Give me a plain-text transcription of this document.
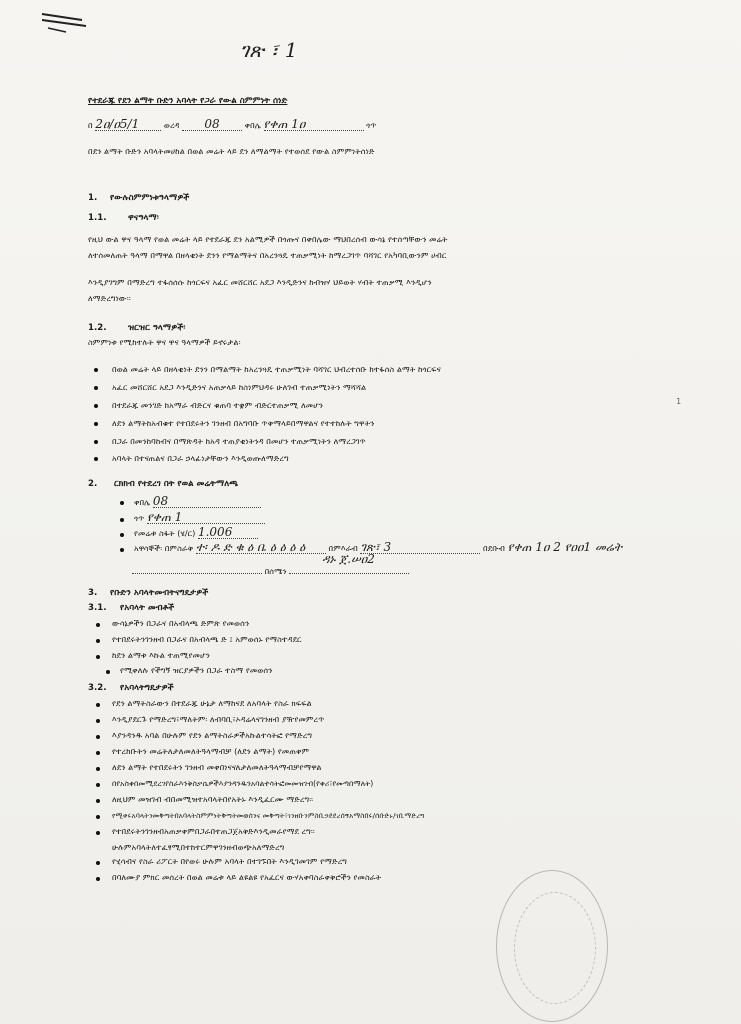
ገጽ ፣ 1
የተደራጁ የደን ልማት ቡድን አባላት የጋራ የውል ስምምነት ሰነድ
በ 2ዐ/ዐ5/1	ወረዳ 08	ቀበሌ የቀጠ 1ዐ	ጎጥ
በደን ልማት ቡድን አባላትመሀከል በወል መሬት ላይ ደን ለማልማት የተወሰደ የውል ስምምነትሰነድ
1. የውሉስምምነቱዓላማዎች
1.1.	ዋናዓላማ፡
የዚህ ውል ዋና ዓላማ የወል መሬት ላይ የተደራጁ ደን አልሚዎች በጎጡና በቀበሌው ማህበረሰብ ውሳኔ የተሰጣቸውን መሬት
ለተሰመለጠት ዓላማ በማዋል በዘላቂነት ደንን የማልማትና በአረንጓዴ ተጠቃሚነት ከማረጋገጥ ባሻገር የአካባቢውንም ሀብር
እንዲያገግም በማድረግ ተፋሰሰሱ ከጎርፍና አፈር መሸርሸር አደጋ እንዲድንና ከብዝሃ ህይወት ሃብት ተጠቃሚ እንዲሆን
ለማድረግነው፡፡
1.2.	ዝርዝር ዓላማዎች፡
ስምምነቱ የሚከተሉት ዋና ዋና ዓላማዎች ይኖሩታል፡
በወል መሬት ላይ በዘላቂነት ደንን በማልማት ከአረንጓዴ ተጠቃሚነት ባሻገር ህብረተሰቡ ከተፋሰስ ልማት ከጎርፍና
አፈር መሸርሸር አደጋ እንዲድንና አጠቃላይ ከስነምህዳሩ ሁለገብ ተጠቃሚነትን ማሻሻል
በተደራጁ መንገድ ከአማራ ብድርና ቁጠባ ተቋም ብድርተጠቃሚ ለመሆን
ለደን ልማትከአብቁተ የተበደሩትን ገንዘብ በአግባቡ ጥቅማላይበማዋልና የተተከሉት ግዋትን
በጋራ በመንከባከብና በማጽዳት ከአዳ ተጠያቂነትንዳ በመሆን ተጠቃሚነትን ለማረጋገጥ
አባላት በተናጠልና በጋራ ኃላፊነታቸውን እንዲወጡለማድረግ
2. ርክክብ የተደረገ በት የወል መሬትማለጫ
ቀበሌ 08
ጎጥ የቀጠ 1
የመሬቱ ስፋት (ሄ/ር) 1.006
አዋሳኞች፡ በምስራቅ ተ፡ ዶ ድ ቁ ዕ ቤ ዕ ዕ ዕ ዕ	በምእራብ ገጽ፣ 3	በደቡብ የቀጠ 1ዐ 2 የዐዐ1 መሬት
በሰሜን
ዳኑ ጀ.ሠዐ2
3. የቡድን አባላትመብትናግዴታዎች
3.1. የአባላት መብቶች
ውሳኔዎችን በጋራና በአብላጫ ድምጽ የመወሰን
የተበደሩትንገንዘብ በጋራና በአብላጫ ድ ፤ አምወሰኑ የማስተዳደር
ከደን ልማቱ እኩል ተጠሚየመሆን
የሚቀለሉ የችግኝ ዝርያዎችን በጋራ ተስማ የመወሰን
3.2. የአባላትግዴታዎች
የደን ልማትስራውን በተደራጁ ሁኔታ ለማከናደ ለአባላት የስራ ክፍፍል
እንዲያደርጉ የማድረግ፣ማለትም፡ ለብባቢ፣ኦዳሬላናገንዘብ ያዥየመምረጥ
እያንዳንዱ አባል በሁሉም የደን ልማትስራዎችአኩልተሳትፎ የማድረግ
የተረከቡትን መሬትለታለመለትዓላማብቻ (ለደን ልማት) የመጠቀም
ለደን ልማት የተበደሩትን ገንዘብ መቀበነናናለታለመለትዓላማብቻየማዋል
በየአስቀበመሚደረገየስራእንቅስቃሴዎችእያንዳንዱንአባልተሳትፎመመዝገብ(የቀሪ፣የመጣበማለት)
ለዚህም መዝገብ ብበመሚዝተአባላትበየአትኑ እንዲፈርሙ ማድረግ፡፡
የሚቀሩአባላትንመቅጣትበአባላትስምምነትቅጣትመወሰንና መቅጣት፣ገንዘቡንምስቢኃደደረሰኝአማስበሩ/ሰቡድኑ/ገቢማድረግ
የተበደሩትንገንዘብአጠቃቀምበጋራበተጠጋጀአቅድእንዲመራየማደ ረግ፡፡
ሁሉምአባላትለተፈፃሚበተከተርምዋገንዘብወጭአለማድረግ
የሂሳብና የስራ ሪፖርት በየወሩ ሁሉም አባላት በተገኙበት እንዲገመገም የማድረግ
በባለሙያ ምክር መሰረት በወል መሬቱ ላይ ልዩልዩ የአፈርና ውሃአቀባስራቀቅሮችን የመስራት
1
